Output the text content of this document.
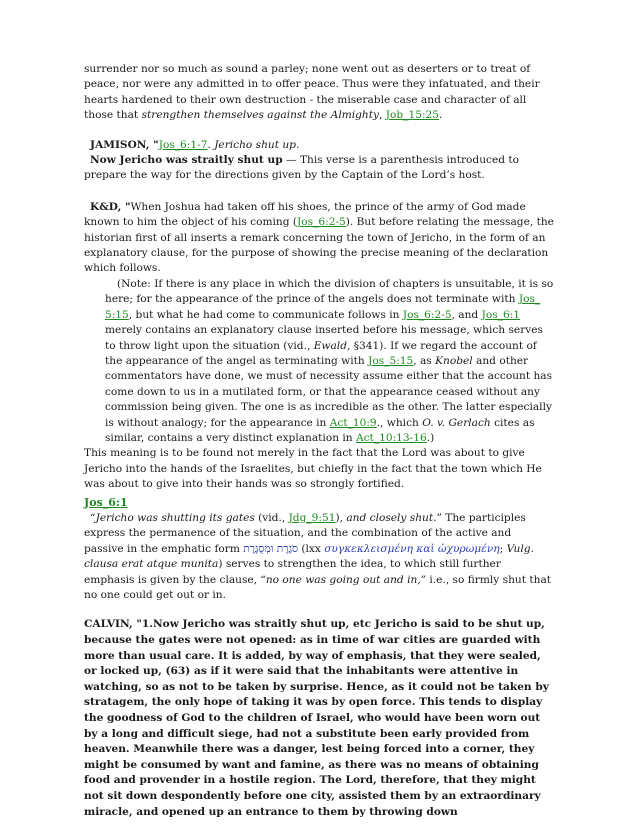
surrender nor so much as sound a parley; none went out as deserters or to treat of peace, nor were any admitted in to offer peace. Thus were they infatuated, and their hearts hardened to their own destruction - the miserable case and character of all those that strengthen themselves against the Almighty, Job_15:25.

JAMISON, "Jos_6:1-7. Jericho shut up.

Now Jericho was straitly shut up — This verse is a parenthesis introduced to prepare the way for the directions given by the Captain of the Lord’s host.

K&D, "When Joshua had taken off his shoes, the prince of the army of God made known to him the object of his coming (Jos_6:2-5). But before relating the message, the historian first of all inserts a remark concerning the town of Jericho, in the form of an explanatory clause, for the purpose of showing the precise meaning of the declaration which follows.

(Note: If there is any place in which the division of chapters is unsuitable, it is so here; for the appearance of the prince of the angels does not terminate with Jos_ 5:15, but what he had come to communicate follows in Jos_6:2-5, and Jos_6:1 merely contains an explanatory clause inserted before his message, which serves to throw light upon the situation (vid., Ewald, §341). If we regard the account of the appearance of the angel as terminating with Jos_5:15, as Knobel and other commentators have done, we must of necessity assume either that the account has come down to us in a mutilated form, or that the appearance ceased without any commission being given. The one is as incredible as the other. The latter especially is without analogy; for the appearance in Act_10:9., which O. v. Gerlach cites as similar, contains a very distinct explanation in Act_10:13-16.)

This meaning is to be found not merely in the fact that the Lord was about to give Jericho into the hands of the Israelites, but chiefly in the fact that the town which He was about to give into their hands was so strongly fortified.

Jos_6:1

“Jericho was shutting its gates (vid., Jdg_9:51), and closely shut.” The participles express the permanence of the situation, and the combination of the active and passive in the emphatic form סֹגֶרֶת וּמְסֻגֶּרֶת (lxx συγκεκλεισμένη καὶ ὠχυρωμένη; Vulg. clausa erat atque munita) serves to strengthen the idea, to which still further emphasis is given by the clause, “no one was going out and in,” i.e., so firmly shut that no one could get out or in.

CALVIN, "1.Now Jericho was straitly shut up, etc Jericho is said to be shut up, because the gates were not opened: as in time of war cities are guarded with more than usual care. It is added, by way of emphasis, that they were sealed, or locked up, (63) as if it were said that the inhabitants were attentive in watching, so as not to be taken by surprise. Hence, as it could not be taken by stratagem, the only hope of taking it was by open force. This tends to display the goodness of God to the children of Israel, who would have been worn out by a long and difficult siege, had not a substitute been early provided from heaven. Meanwhile there was a danger, lest being forced into a corner, they might be consumed by want and famine, as there was no means of obtaining food and provender in a hostile region. The Lord, therefore, that they might not sit down despondently before one city, assisted them by an extraordinary miracle, and opened up an entrance to them by throwing down
